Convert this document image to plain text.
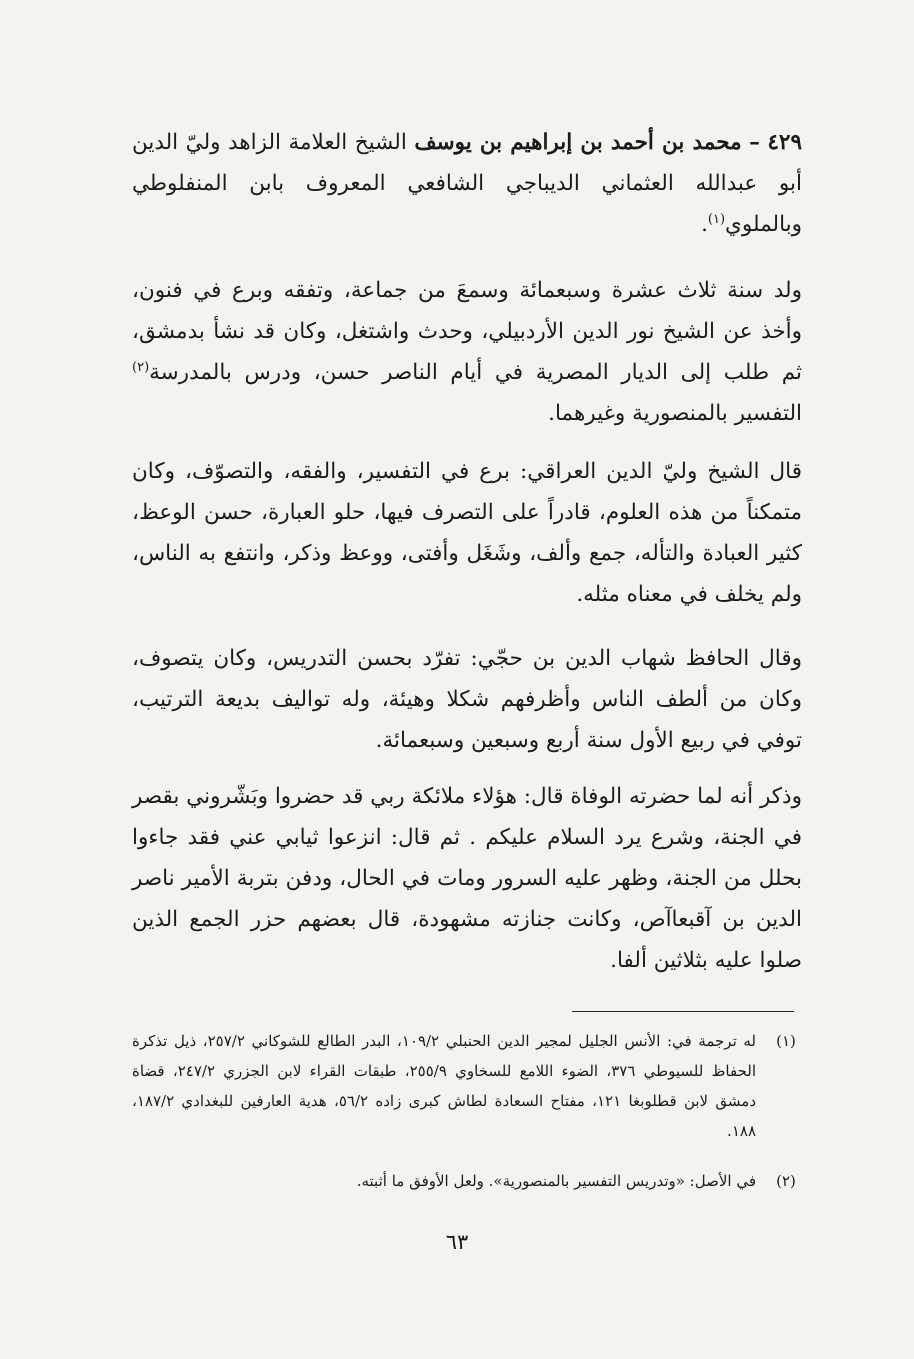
٤٢٩ – محمد بن أحمد بن إبراهيم بن يوسف الشيخ العلامة الزاهد وليّ الدين أبو عبدالله العثماني الديباجي الشافعي المعروف بابن المنفلوطي وبالملوي$^{(١)}$.

ولد سنة ثلاث عشرة وسبعمائة وسمعَ من جماعة، وتفقه وبرع في فنون، وأخذ عن الشيخ نور الدين الأردبيلي، وحدث واشتغل، وكان قد نشأ بدمشق، ثم طلب إلى الديار المصرية في أيام الناصر حسن، ودرس بالمدرسة$^{(٢)}$ التفسير بالمنصورية وغيرهما.

قال الشيخ وليّ الدين العراقي: برع في التفسير، والفقه، والتصوّف، وكان متمكناً من هذه العلوم، قادراً على التصرف فيها، حلو العبارة، حسن الوعظ، كثير العبادة والتأله، جمع وألف، وشَغَل وأفتى، ووعظ وذكر، وانتفع به الناس، ولم يخلف في معناه مثله.

وقال الحافظ شهاب الدين بن حجّي: تفرّد بحسن التدريس، وكان يتصوف، وكان من ألطف الناس وأظرفهم شكلا وهيئة، وله تواليف بديعة الترتيب، توفي في ربيع الأول سنة أربع وسبعين وسبعمائة.

وذكر أنه لما حضرته الوفاة قال: هؤلاء ملائكة ربي قد حضروا وبَشّروني بقصر في الجنة، وشرع يرد السلام عليكم . ثم قال: انزعوا ثيابي عني فقد جاءوا بحلل من الجنة، وظهر عليه السرور ومات في الحال، ودفن بتربة الأمير ناصر الدين بن آقبعاآص، وكانت جنازته مشهودة، قال بعضهم حزر الجمع الذين صلوا عليه بثلاثين ألفا.

(١)
له ترجمة في: الأنس الجليل لمجير الدين الحنبلي ١٠٩/٢، البدر الطالع للشوكاني ٢٥٧/٢، ذيل تذكرة الحفاظ للسيوطي ٣٧٦، الضوء اللامع للسخاوي ٢٥٥/٩، طبقات القراء لابن الجزري ٢٤٧/٢، قضاة دمشق لابن قطلوبغا ١٢١، مفتاح السعادة لطاش كبرى زاده ٥٦/٢، هدية العارفين للبغدادي ١٨٧/٢، ١٨٨.
(٢)
في الأصل: «وتدريس التفسير بالمنصورية». ولعل الأوفق ما أثبته.
٦٣
